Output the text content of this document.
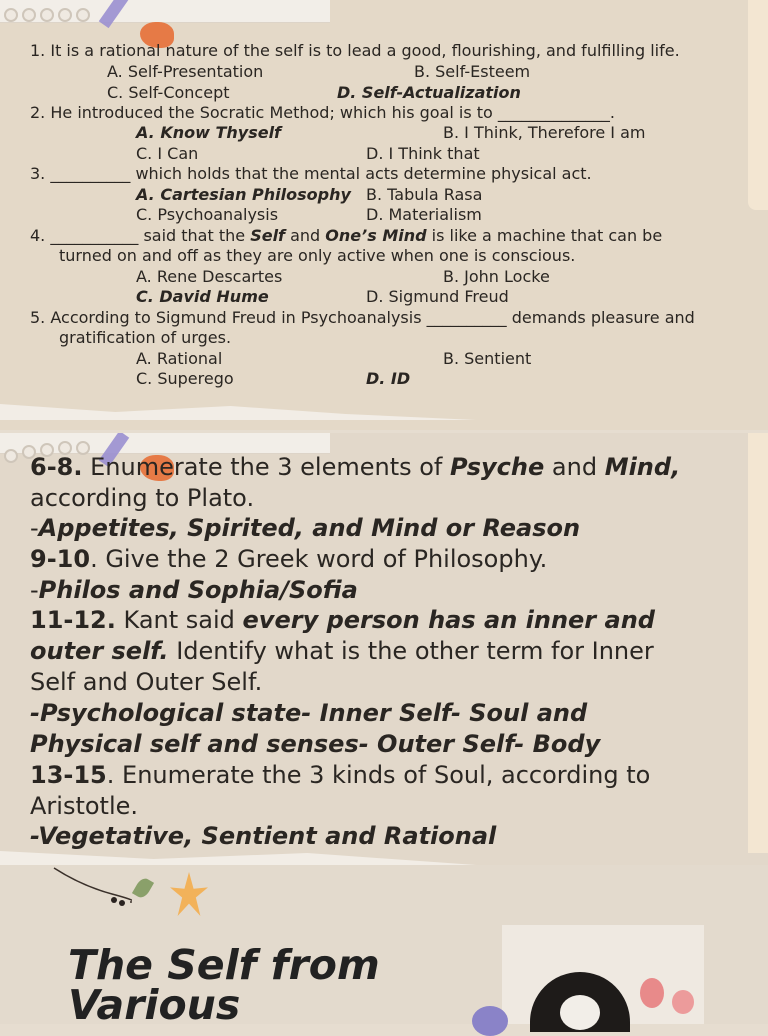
1. It is a rational nature of the self is to lead a good, flourishing, and fulfilling life.
A. Self-Presentation	B. Self-Esteem
C. Self-Concept	D. Self-Actualization
2. He introduced the Socratic Method; which his goal is to ______________.
A. Know Thyself	B. I Think, Therefore I am
C. I Can	D. I Think that
3. __________ which holds that the mental acts determine physical act.
A. Cartesian Philosophy B. Tabula Rasa
C. Psychoanalysis	D. Materialism
4. ___________ said that the Self and One’s Mind is like a machine that can be
turned on and off as they are only active when one is conscious.
A. Rene Descartes	B. John Locke
C. David Hume	D. Sigmund Freud
5. According to Sigmund Freud in Psychoanalysis __________ demands pleasure and
gratification of urges.
A. Rational	B. Sentient
C. Superego	D. ID
6-8. Enumerate the 3 elements of Psyche and Mind,
according to Plato.
-Appetites, Spirited, and Mind or Reason
9-10. Give the 2 Greek word of Philosophy.
-Philos and Sophia/Sofia
11-12. Kant said every person has an inner and
outer self. Identify what is the other term for Inner
Self and Outer Self.
-Psychological state- Inner Self- Soul and
Physical self and senses- Outer Self- Body
13-15. Enumerate the 3 kinds of Soul, according to
Aristotle.
-Vegetative, Sentient and Rational
The Self from
Various
